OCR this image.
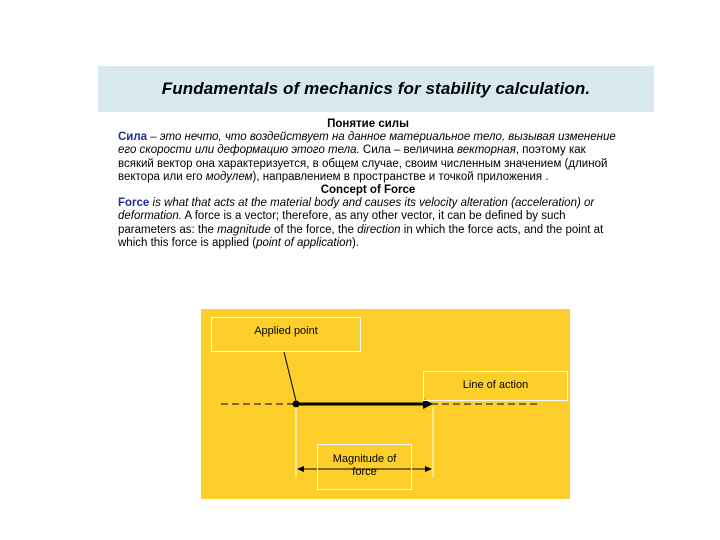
Fundamentals of mechanics for stability calculation.
Понятие силы
Сила – это нечто, что воздействует на данное материальное тело, вызывая изменение его скорости или деформацию этого тела. Сила – величина векторная, поэтому как всякий вектор она характеризуется, в общем случае, своим численным значением (длиной вектора или его модулем), направлением в пространстве и точкой приложения .
Concept of Force
Force is what that acts at the material body and causes its velocity alteration (acceleration) or deformation. A force is a vector; therefore, as any other vector, it can be defined by such parameters as: the magnitude of the force, the direction in which the force acts, and the point at which this force is applied (point of application).
Applied point
Line of action
Magnitude of
force
